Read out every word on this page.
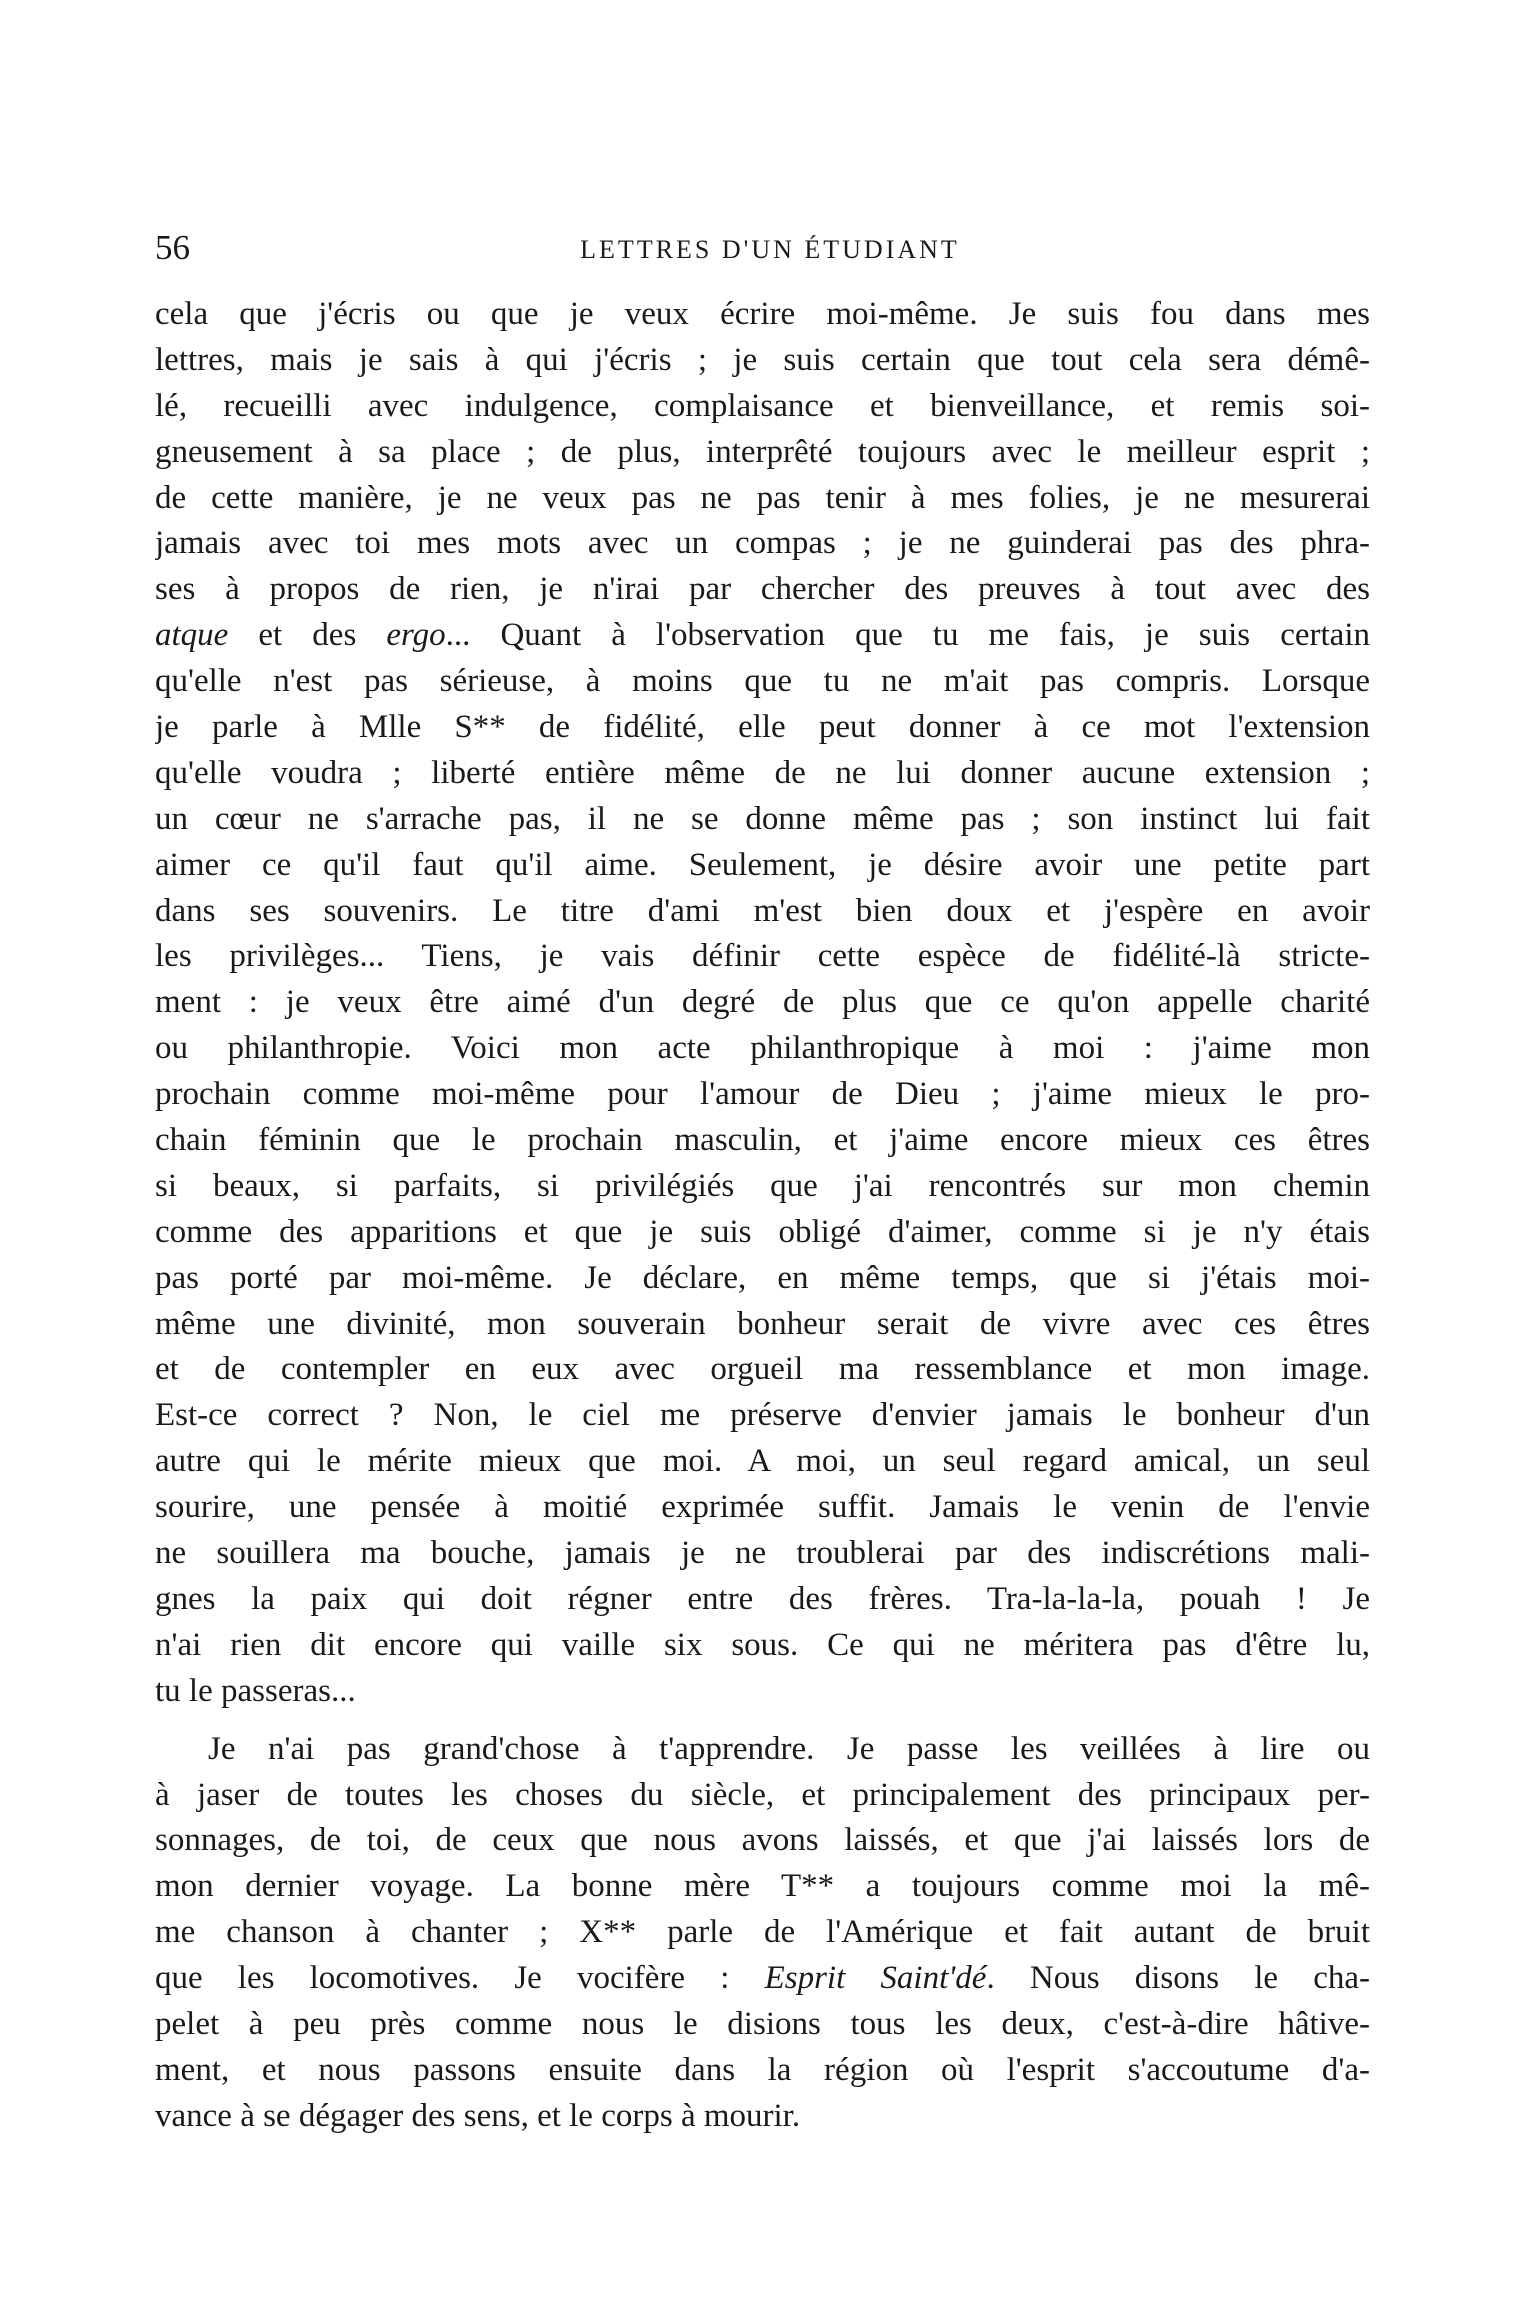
56	LETTRES D'UN ÉTUDIANT
cela que j'écris ou que je veux écrire moi-même. Je suis fou dans mes
lettres, mais je sais à qui j'écris ; je suis certain que tout cela sera démê-
lé, recueilli avec indulgence, complaisance et bienveillance, et remis soi-
gneusement à sa place ; de plus, interprêté toujours avec le meilleur esprit ;
de cette manière, je ne veux pas ne pas tenir à mes folies, je ne mesurerai
jamais avec toi mes mots avec un compas ; je ne guinderai pas des phra-
ses à propos de rien, je n'irai par chercher des preuves à tout avec des
atque et des ergo... Quant à l'observation que tu me fais, je suis certain
qu'elle n'est pas sérieuse, à moins que tu ne m'ait pas compris. Lorsque
je parle à Mlle S** de fidélité, elle peut donner à ce mot l'extension
qu'elle voudra ; liberté entière même de ne lui donner aucune extension ;
un cœur ne s'arrache pas, il ne se donne même pas ; son instinct lui fait
aimer ce qu'il faut qu'il aime. Seulement, je désire avoir une petite part
dans ses souvenirs. Le titre d'ami m'est bien doux et j'espère en avoir
les privilèges... Tiens, je vais définir cette espèce de fidélité-là stricte-
ment : je veux être aimé d'un degré de plus que ce qu'on appelle charité
ou philanthropie. Voici mon acte philanthropique à moi : j'aime mon
prochain comme moi-même pour l'amour de Dieu ; j'aime mieux le pro-
chain féminin que le prochain masculin, et j'aime encore mieux ces êtres
si beaux, si parfaits, si privilégiés que j'ai rencontrés sur mon chemin
comme des apparitions et que je suis obligé d'aimer, comme si je n'y étais
pas porté par moi-même. Je déclare, en même temps, que si j'étais moi-
même une divinité, mon souverain bonheur serait de vivre avec ces êtres
et de contempler en eux avec orgueil ma ressemblance et mon image.
Est-ce correct ? Non, le ciel me préserve d'envier jamais le bonheur d'un
autre qui le mérite mieux que moi. A moi, un seul regard amical, un seul
sourire, une pensée à moitié exprimée suffit. Jamais le venin de l'envie
ne souillera ma bouche, jamais je ne troublerai par des indiscrétions mali-
gnes la paix qui doit régner entre des frères. Tra-la-la-la, pouah ! Je
n'ai rien dit encore qui vaille six sous. Ce qui ne méritera pas d'être lu,
tu le passeras...
Je n'ai pas grand'chose à t'apprendre. Je passe les veillées à lire ou
à jaser de toutes les choses du siècle, et principalement des principaux per-
sonnages, de toi, de ceux que nous avons laissés, et que j'ai laissés lors de
mon dernier voyage. La bonne mère T** a toujours comme moi la mê-
me chanson à chanter ; X** parle de l'Amérique et fait autant de bruit
que les locomotives. Je vocifère : Esprit Saint'dé. Nous disons le cha-
pelet à peu près comme nous le disions tous les deux, c'est-à-dire hâtive-
ment, et nous passons ensuite dans la région où l'esprit s'accoutume d'a-
vance à se dégager des sens, et le corps à mourir.
